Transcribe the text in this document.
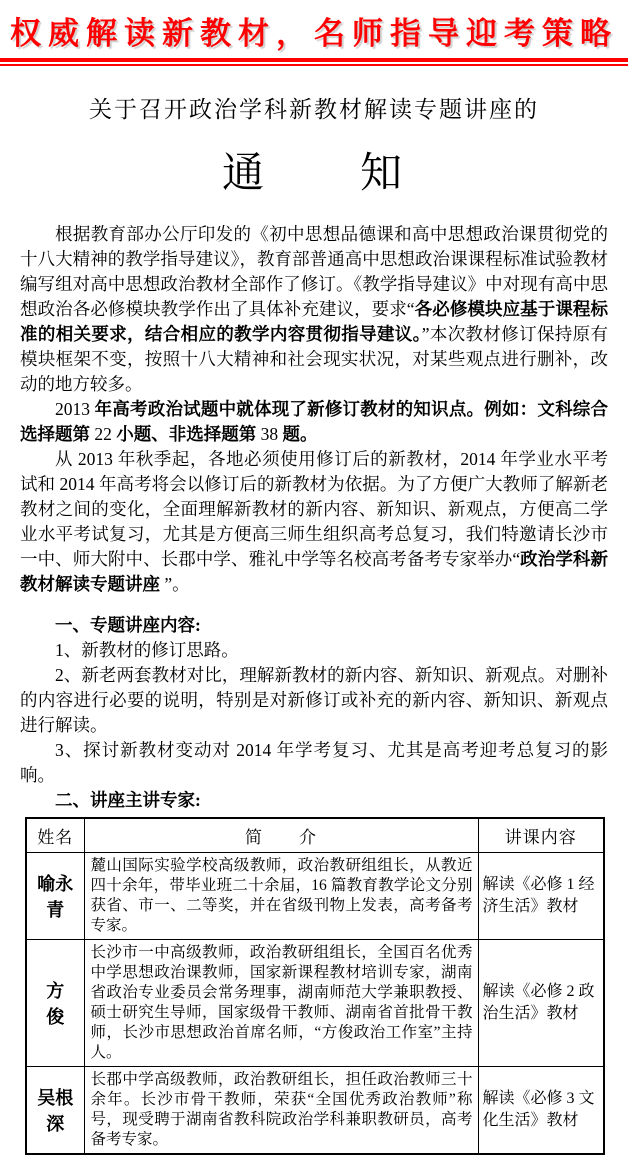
权威解读新教材，名师指导迎考策略
关于召开政治学科新教材解读专题讲座的
通　　知

根据教育部办公厅印发的《初中思想品德课和高中思想政治课贯彻党的十八大精神的教学指导建议》，教育部普通高中思想政治课课程标准试验教材编写组对高中思想政治教材全部作了修订。《教学指导建议》中对现有高中思想政治各必修模块教学作出了具体补充建议，要求“各必修模块应基于课程标准的相关要求，结合相应的教学内容贯彻指导建议。”本次教材修订保持原有模块框架不变，按照十八大精神和社会现实状况，对某些观点进行删补，改动的地方较多。

2013 年高考政治试题中就体现了新修订教材的知识点。例如：文科综合选择题第 22 小题、非选择题第 38 题。

从 2013 年秋季起，各地必须使用修订后的新教材，2014 年学业水平考试和 2014 年高考将会以修订后的新教材为依据。为了方便广大教师了解新老教材之间的变化，全面理解新教材的新内容、新知识、新观点，方便高二学业水平考试复习，尤其是方便高三师生组织高考总复习，我们特邀请长沙市一中、师大附中、长郡中学、雅礼中学等名校高考备考专家举办“政治学科新教材解读专题讲座 ”。

一、专题讲座内容:

1、新教材的修订思路。

2、新老两套教材对比，理解新教材的新内容、新知识、新观点。对删补的内容进行必要的说明，特别是对新修订或补充的新内容、新知识、新观点进行解读。

3、探讨新教材变动对 2014 年学考复习、尤其是高考迎考总复习的影响。

二、讲座主讲专家:

姓名	简　　介	讲课内容
喻永青	麓山国际实验学校高级教师，政治教研组组长，从教近四十余年，带毕业班二十余届，16 篇教育教学论文分别获省、市一、二等奖，并在省级刊物上发表，高考备考专家。	解读《必修 1 经济生活》教材
方　俊	长沙市一中高级教师，政治教研组组长，全国百名优秀中学思想政治课教师，国家新课程教材培训专家，湖南省政治专业委员会常务理事，湖南师范大学兼职教授、硕士研究生导师，国家级骨干教师、湖南省首批骨干教师，长沙市思想政治首席名师，“方俊政治工作室”主持人。	解读《必修 2 政治生活》教材
吴根深	长郡中学高级教师，政治教研组长，担任政治教师三十余年。长沙市骨干教师，荣获“全国优秀政治教师”称号，现受聘于湖南省教科院政治学科兼职教研员，高考备考专家。	解读《必修 3 文化生活》教材
